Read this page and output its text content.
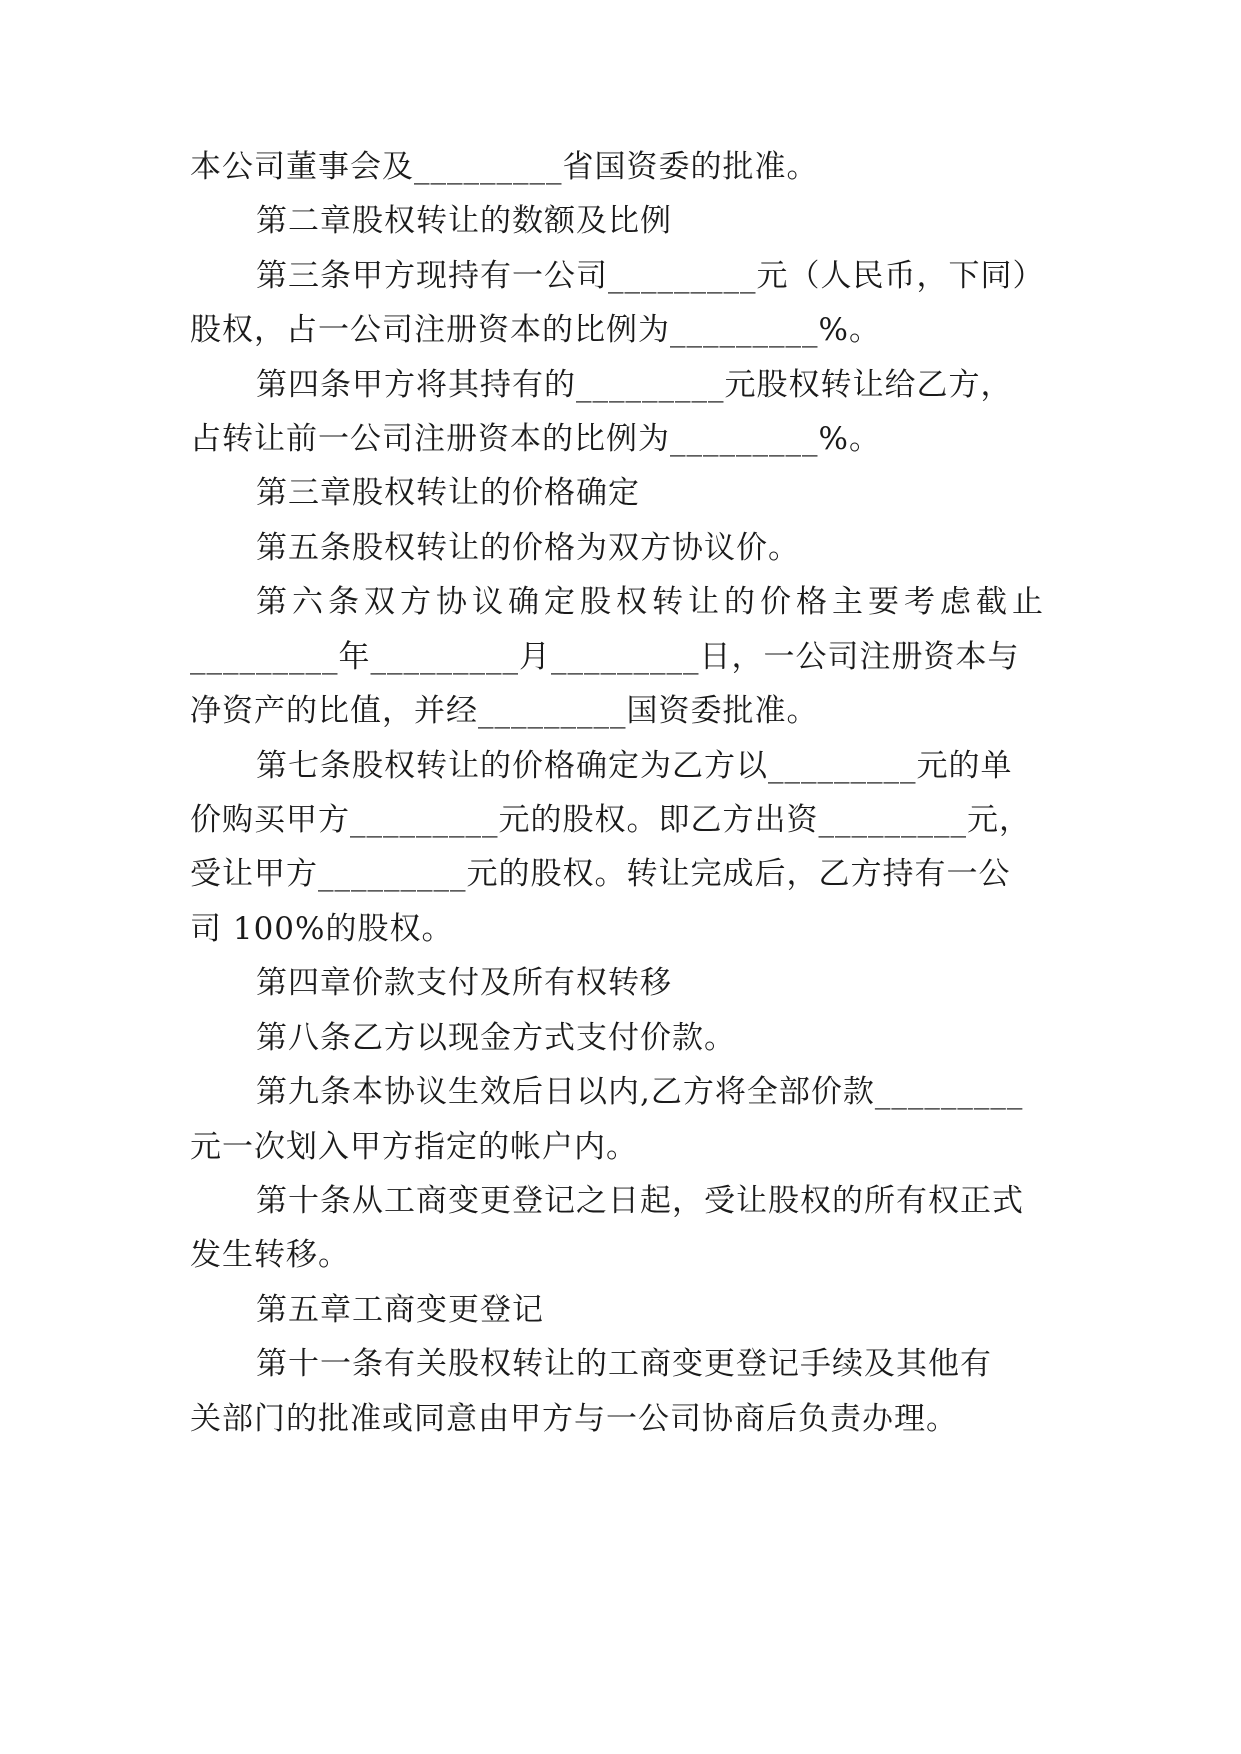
本公司董事会及_________省国资委的批准。
第二章股权转让的数额及比例
第三条甲方现持有一公司_________元（人民币，下同）
股权，占一公司注册资本的比例为_________%。
第四条甲方将其持有的_________元股权转让给乙方，
占转让前一公司注册资本的比例为_________%。
第三章股权转让的价格确定
第五条股权转让的价格为双方协议价。
第六条双方协议确定股权转让的价格主要考虑截止
_________年_________月_________日，一公司注册资本与
净资产的比值，并经_________国资委批准。
第七条股权转让的价格确定为乙方以_________元的单
价购买甲方_________元的股权。即乙方出资_________元，
受让甲方_________元的股权。转让完成后，乙方持有一公
司 100%的股权。
第四章价款支付及所有权转移
第八条乙方以现金方式支付价款。
第九条本协议生效后日以内,乙方将全部价款_________
元一次划入甲方指定的帐户内。
第十条从工商变更登记之日起，受让股权的所有权正式
发生转移。
第五章工商变更登记
第十一条有关股权转让的工商变更登记手续及其他有
关部门的批准或同意由甲方与一公司协商后负责办理。
